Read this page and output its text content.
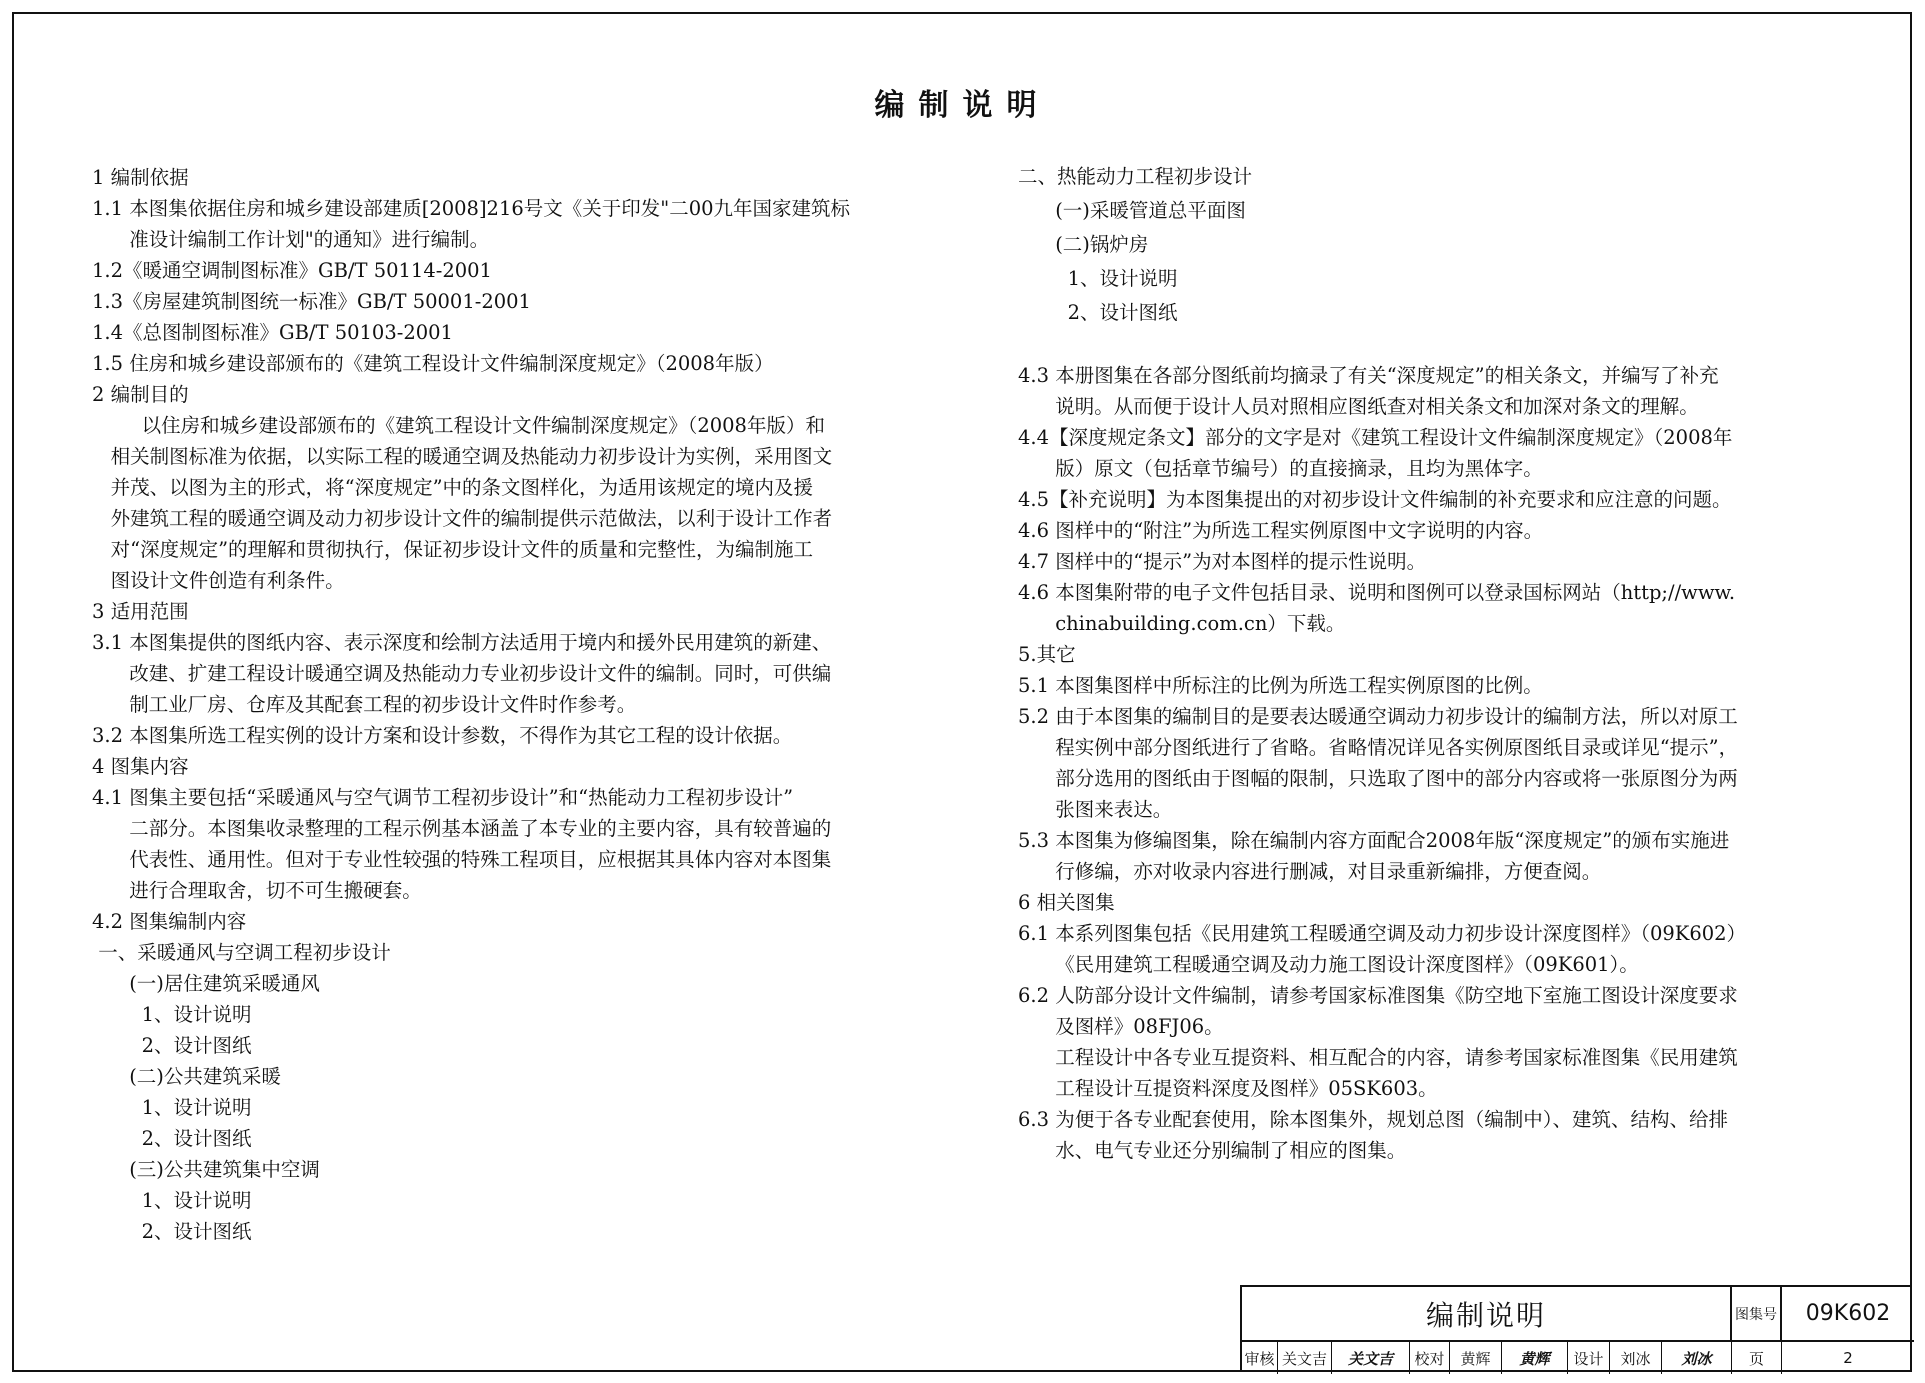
编制说明
1 编制依据
1.1 本图集依据住房和城乡建设部建质[2008]216号文《关于印发"二00九年国家建筑标
准设计编制工作计划"的通知》进行编制。
1.2《暖通空调制图标准》GB/T 50114-2001
1.3《房屋建筑制图统一标准》GB/T 50001-2001
1.4《总图制图标准》GB/T 50103-2001
1.5 住房和城乡建设部颁布的《建筑工程设计文件编制深度规定》（2008年版）
2 编制目的
以住房和城乡建设部颁布的《建筑工程设计文件编制深度规定》（2008年版）和
相关制图标准为依据，以实际工程的暖通空调及热能动力初步设计为实例，采用图文
并茂、以图为主的形式，将“深度规定”中的条文图样化，为适用该规定的境内及援
外建筑工程的暖通空调及动力初步设计文件的编制提供示范做法，以利于设计工作者
对“深度规定”的理解和贯彻执行，保证初步设计文件的质量和完整性，为编制施工
图设计文件创造有利条件。
3 适用范围
3.1 本图集提供的图纸内容、表示深度和绘制方法适用于境内和援外民用建筑的新建、
改建、扩建工程设计暖通空调及热能动力专业初步设计文件的编制。同时，可供编
制工业厂房、仓库及其配套工程的初步设计文件时作参考。
3.2 本图集所选工程实例的设计方案和设计参数，不得作为其它工程的设计依据。
4 图集内容
4.1 图集主要包括“采暖通风与空气调节工程初步设计”和“热能动力工程初步设计”
二部分。本图集收录整理的工程示例基本涵盖了本专业的主要内容，具有较普遍的
代表性、通用性。但对于专业性较强的特殊工程项目，应根据其具体内容对本图集
进行合理取舍，切不可生搬硬套。
4.2 图集编制内容
一、采暖通风与空调工程初步设计
(一)居住建筑采暖通风
1、设计说明
2、设计图纸
(二)公共建筑采暖
1、设计说明
2、设计图纸
(三)公共建筑集中空调
1、设计说明
2、设计图纸
二、热能动力工程初步设计
(一)采暖管道总平面图
(二)锅炉房
1、设计说明
2、设计图纸
4.3 本册图集在各部分图纸前均摘录了有关“深度规定”的相关条文，并编写了补充
说明。从而便于设计人员对照相应图纸查对相关条文和加深对条文的理解。
4.4【深度规定条文】部分的文字是对《建筑工程设计文件编制深度规定》（2008年
版）原文（包括章节编号）的直接摘录，且均为黑体字。
4.5【补充说明】为本图集提出的对初步设计文件编制的补充要求和应注意的问题。
4.6 图样中的“附注”为所选工程实例原图中文字说明的内容。
4.7 图样中的“提示”为对本图样的提示性说明。
4.6 本图集附带的电子文件包括目录、说明和图例可以登录国标网站（http;//www.
chinabuilding.com.cn）下载。
5.其它
5.1 本图集图样中所标注的比例为所选工程实例原图的比例。
5.2 由于本图集的编制目的是要表达暖通空调动力初步设计的编制方法，所以对原工
程实例中部分图纸进行了省略。省略情况详见各实例原图纸目录或详见“提示”，
部分选用的图纸由于图幅的限制，只选取了图中的部分内容或将一张原图分为两
张图来表达。
5.3 本图集为修编图集，除在编制内容方面配合2008年版“深度规定”的颁布实施进
行修编，亦对收录内容进行删减，对目录重新编排，方便查阅。
6 相关图集
6.1 本系列图集包括《民用建筑工程暖通空调及动力初步设计深度图样》（09K602）
《民用建筑工程暖通空调及动力施工图设计深度图样》（09K601）。
6.2 人防部分设计文件编制，请参考国家标准图集《防空地下室施工图设计深度要求
及图样》08FJ06。
工程设计中各专业互提资料、相互配合的内容，请参考国家标准图集《民用建筑
工程设计互提资料深度及图样》05SK603。
6.3 为便于各专业配套使用，除本图集外，规划总图（编制中）、建筑、结构、给排
水、电气专业还分别编制了相应的图集。
编制说明	图集号	09K602
审核 关文吉	关文吉	校对	黄辉	黄辉	设计	刘冰	刘冰	页	2
